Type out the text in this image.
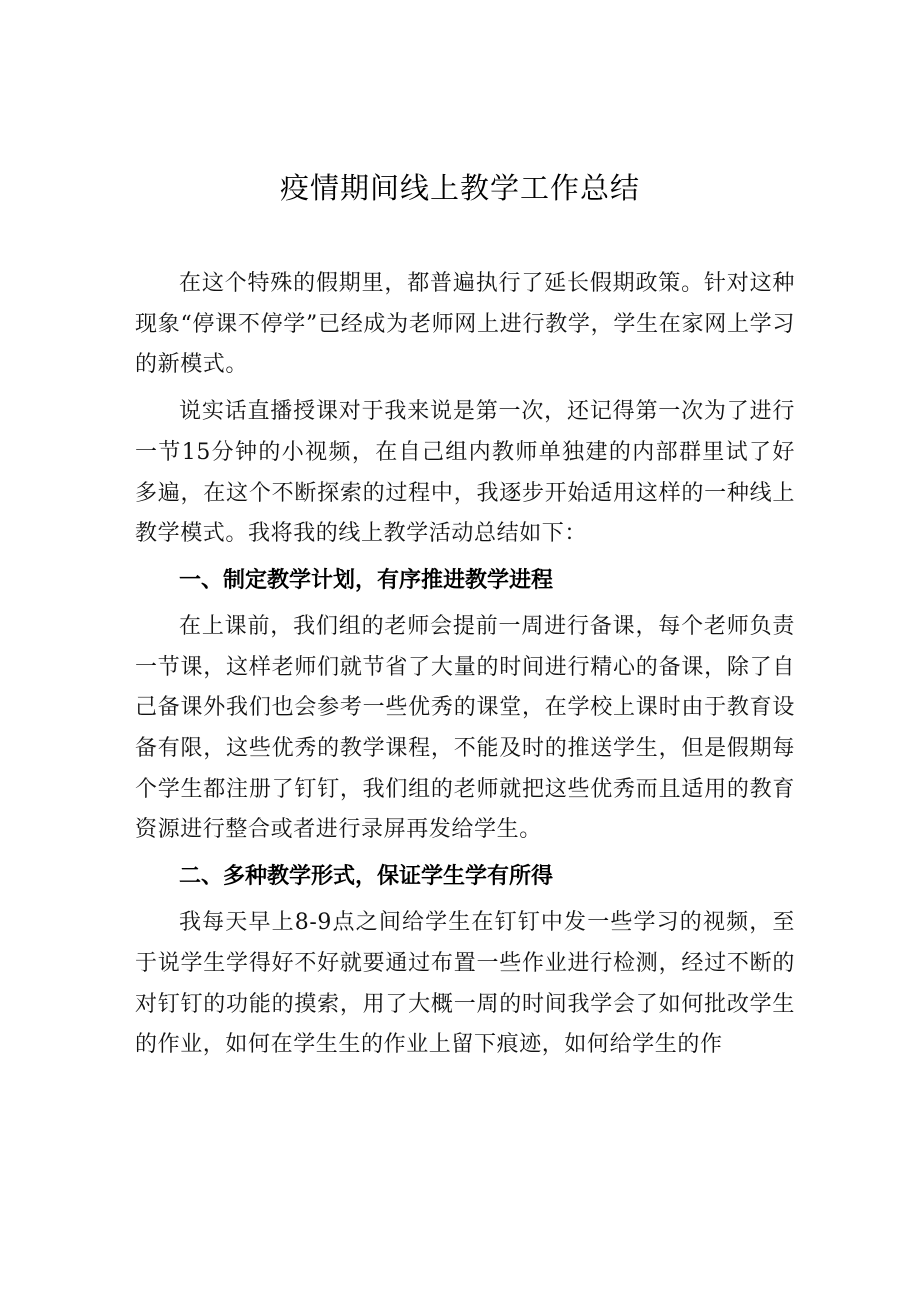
疫情期间线上教学工作总结

在这个特殊的假期里，都普遍执行了延长假期政策。针对这种现象“停课不停学”已经成为老师网上进行教学，学生在家网上学习的新模式。

说实话直播授课对于我来说是第一次，还记得第一次为了进行一节15分钟的小视频，在自己组内教师单独建的内部群里试了好多遍，在这个不断探索的过程中，我逐步开始适用这样的一种线上教学模式。我将我的线上教学活动总结如下：

一、制定教学计划，有序推进教学进程

在上课前，我们组的老师会提前一周进行备课，每个老师负责一节课，这样老师们就节省了大量的时间进行精心的备课，除了自己备课外我们也会参考一些优秀的课堂，在学校上课时由于教育设备有限，这些优秀的教学课程，不能及时的推送学生，但是假期每个学生都注册了钉钉，我们组的老师就把这些优秀而且适用的教育资源进行整合或者进行录屏再发给学生。

二、多种教学形式，保证学生学有所得

我每天早上8-9点之间给学生在钉钉中发一些学习的视频，至于说学生学得好不好就要通过布置一些作业进行检测，经过不断的对钉钉的功能的摸索，用了大概一周的时间我学会了如何批改学生的作业，如何在学生生的作业上留下痕迹，如何给学生的作
